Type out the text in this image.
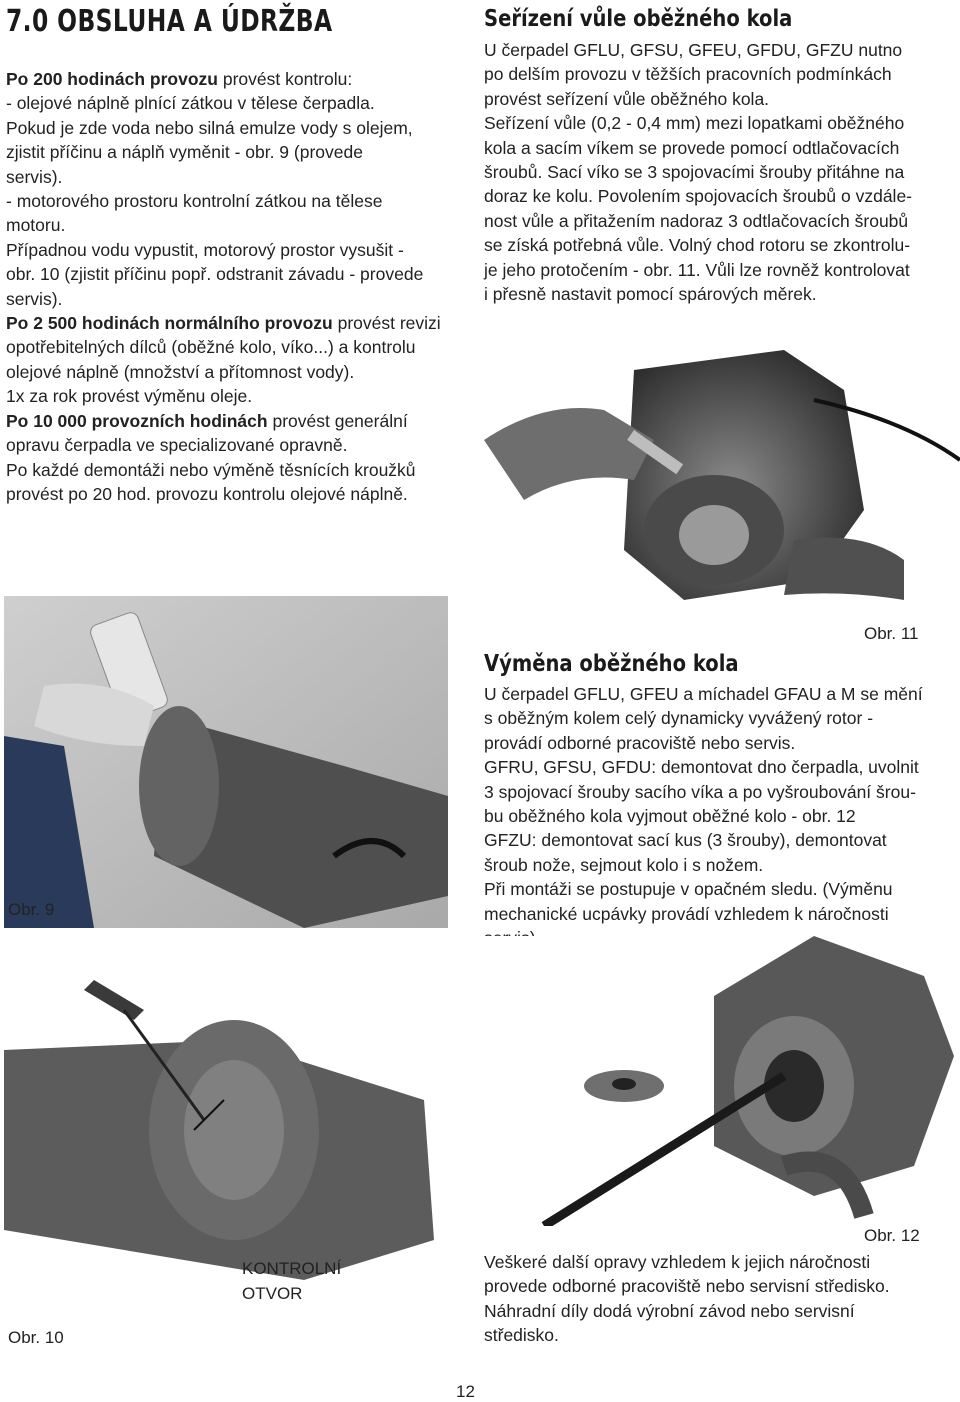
7.0 OBSLUHA A ÚDRŽBA

Po 200 hodinách provozu provést kontrolu:

- olejové náplně plnící zátkou v tělese čerpadla.

Pokud je zde voda nebo silná emulze vody s olejem,

zjistit příčinu a náplň vyměnit - obr. 9 (provede

servis).

- motorového prostoru kontrolní zátkou na tělese

motoru.

Případnou vodu vypustit, motorový prostor vysušit -

obr. 10 (zjistit příčinu popř. odstranit závadu - provede

servis).

Po 2 500 hodinách normálního provozu provést revizi

opotřebitelných dílců (oběžné kolo, víko...) a kontrolu

olejové náplně (množství a přítomnost vody).

1x za rok provést výměnu oleje.

Po 10 000 provozních hodinách provést generální

opravu čerpadla ve specializované opravně.

Po každé demontáži nebo výměně těsnících kroužků

provést po 20 hod. provozu kontrolu olejové náplně.

Seřízení vůle oběžného kola

U čerpadel GFLU, GFSU, GFEU, GFDU, GFZU nutno

po delším provozu v těžších pracovních podmínkách

provést seřízení vůle oběžného kola.

Seřízení vůle (0,2 - 0,4 mm) mezi lopatkami oběžného

kola a sacím víkem se provede pomocí odtlačovacích

šroubů. Sací víko se 3 spojovacími šrouby přitáhne na

doraz ke kolu. Povolením spojovacích šroubů o vzdále-

nost vůle a přitažením nadoraz 3 odtlačovacích šroubů

se získá potřebná vůle. Volný chod rotoru se zkontrolu-

je jeho protočením - obr. 11. Vůli lze rovněž kontrolovat

i přesně nastavit pomocí spárových měrek.

Obr. 11
Výměna oběžného kola

U čerpadel GFLU, GFEU a míchadel GFAU a M se mění

s oběžným kolem celý dynamicky vyvážený rotor -

provádí odborné pracoviště nebo servis.

GFRU, GFSU, GFDU: demontovat dno čerpadla, uvolnit

3 spojovací šrouby sacího víka a po vyšroubování šrou-

bu oběžného kola vyjmout oběžné kolo - obr. 12

GFZU: demontovat sací kus (3 šrouby), demontovat

šroub nože, sejmout kolo i s nožem.

Při montáži se postupuje v opačném sledu. (Výměnu

mechanické ucpávky provádí vzhledem k náročnosti

Obr. 9
Obr. 10
KONTROLNÍ
OTVOR
Obr. 12

Veškeré další opravy vzhledem k jejich náročnosti

provede odborné pracoviště nebo servisní středisko.

Náhradní díly dodá výrobní závod nebo servisní

středisko.

12
